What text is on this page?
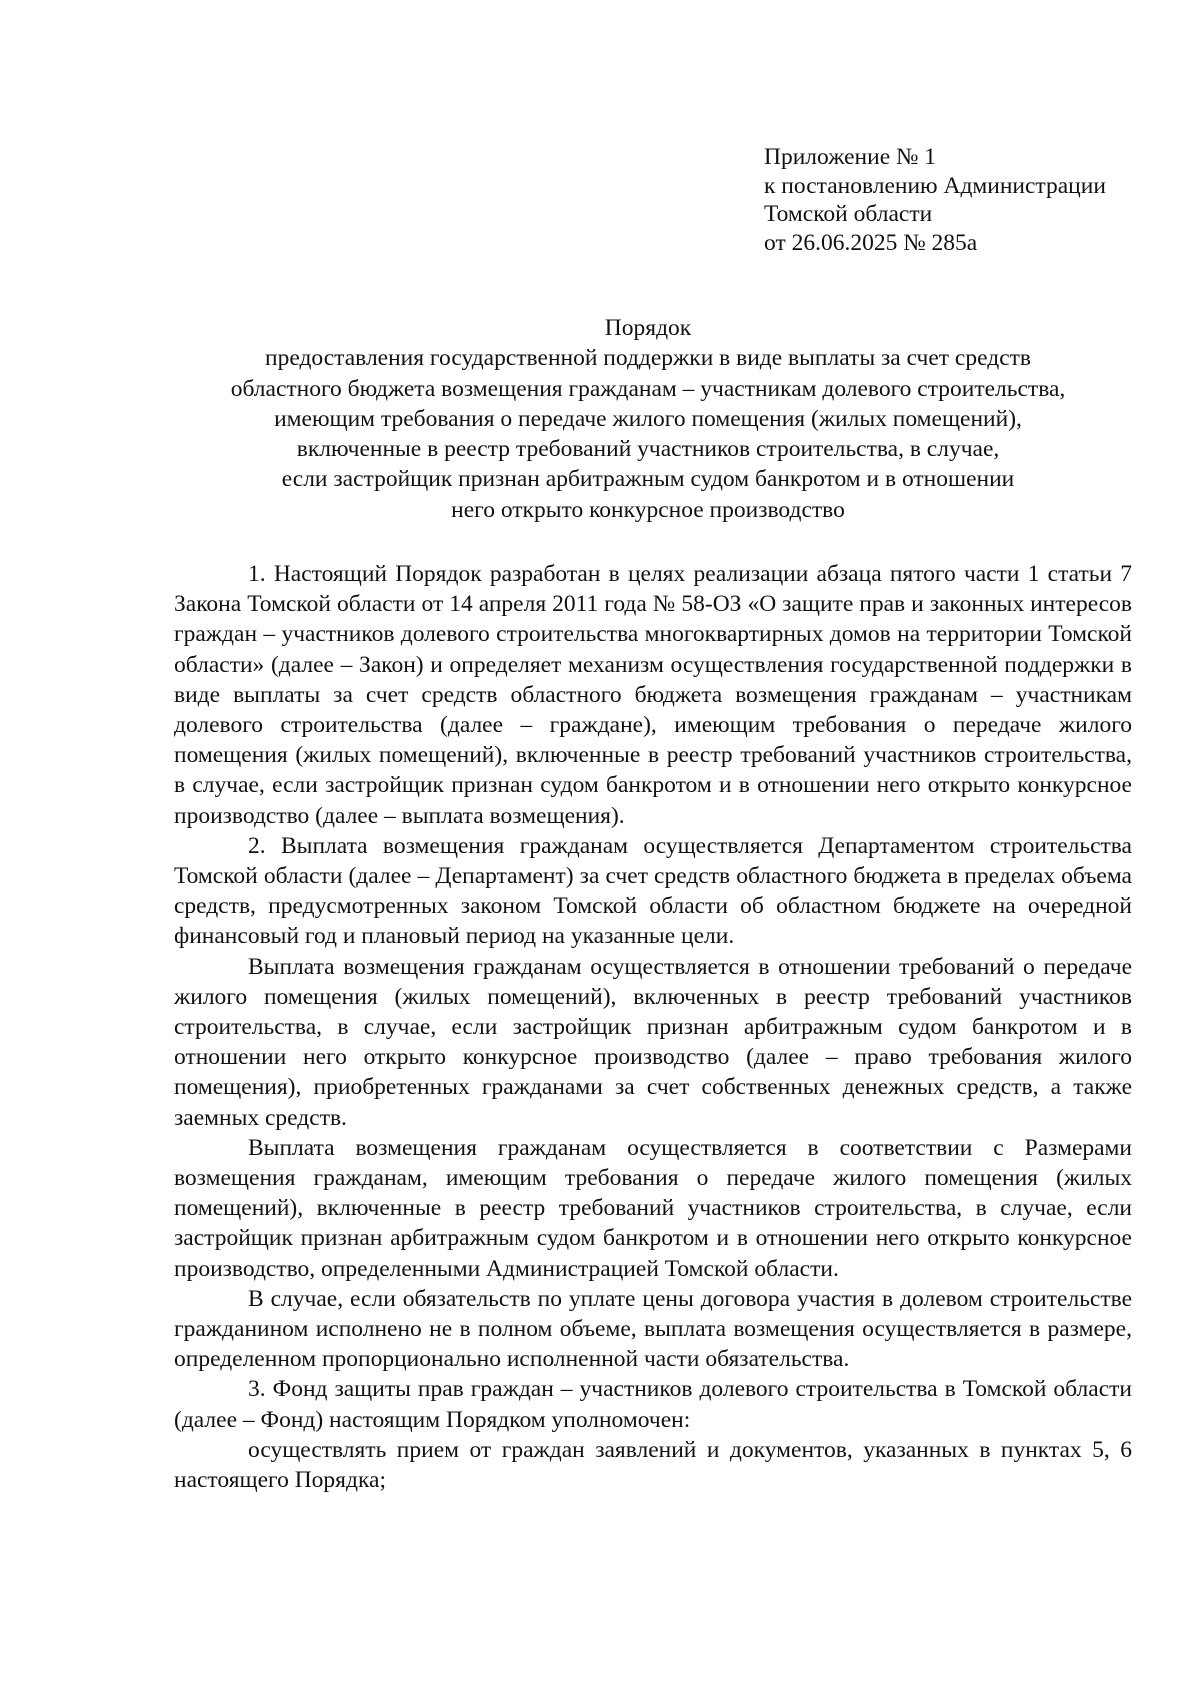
Приложение № 1
к постановлению Администрации
Томской области
от 26.06.2025 № 285а
Порядок
предоставления государственной поддержки в виде выплаты за счет средств
областного бюджета возмещения гражданам – участникам долевого строительства,
имеющим требования о передаче жилого помещения (жилых помещений),
включенные в реестр требований участников строительства, в случае,
если застройщик признан арбитражным судом банкротом и в отношении
него открыто конкурсное производство

1. Настоящий Порядок разработан в целях реализации абзаца пятого части 1 статьи 7 Закона Томской области от 14 апреля 2011 года № 58-ОЗ «О защите прав и законных интересов граждан – участников долевого строительства многоквартирных домов на территории Томской области» (далее – Закон) и определяет механизм осуществления государственной поддержки в виде выплаты за счет средств областного бюджета возмещения гражданам – участникам долевого строительства (далее – граждане), имеющим требования о передаче жилого помещения (жилых помещений), включенные в реестр требований участников строительства, в случае, если застройщик признан судом банкротом и в отношении него открыто конкурсное производство (далее – выплата возмещения).

2. Выплата возмещения гражданам осуществляется Департаментом строительства Томской области (далее – Департамент) за счет средств областного бюджета в пределах объема средств, предусмотренных законом Томской области об областном бюджете на очередной финансовый год и плановый период на указанные цели.

Выплата возмещения гражданам осуществляется в отношении требований о передаче жилого помещения (жилых помещений), включенных в реестр требований участников строительства, в случае, если застройщик признан арбитражным судом банкротом и в отношении него открыто конкурсное производство (далее – право требования жилого помещения), приобретенных гражданами за счет собственных денежных средств, а также заемных средств.

Выплата возмещения гражданам осуществляется в соответствии с Размерами возмещения гражданам, имеющим требования о передаче жилого помещения (жилых помещений), включенные в реестр требований участников строительства, в случае, если застройщик признан арбитражным судом банкротом и в отношении него открыто конкурсное производство, определенными Администрацией Томской области.

В случае, если обязательств по уплате цены договора участия в долевом строительстве гражданином исполнено не в полном объеме, выплата возмещения осуществляется в размере, определенном пропорционально исполненной части обязательства.

3. Фонд защиты прав граждан – участников долевого строительства в Томской области (далее – Фонд) настоящим Порядком уполномочен:

осуществлять прием от граждан заявлений и документов, указанных в пунктах 5, 6 настоящего Порядка;
